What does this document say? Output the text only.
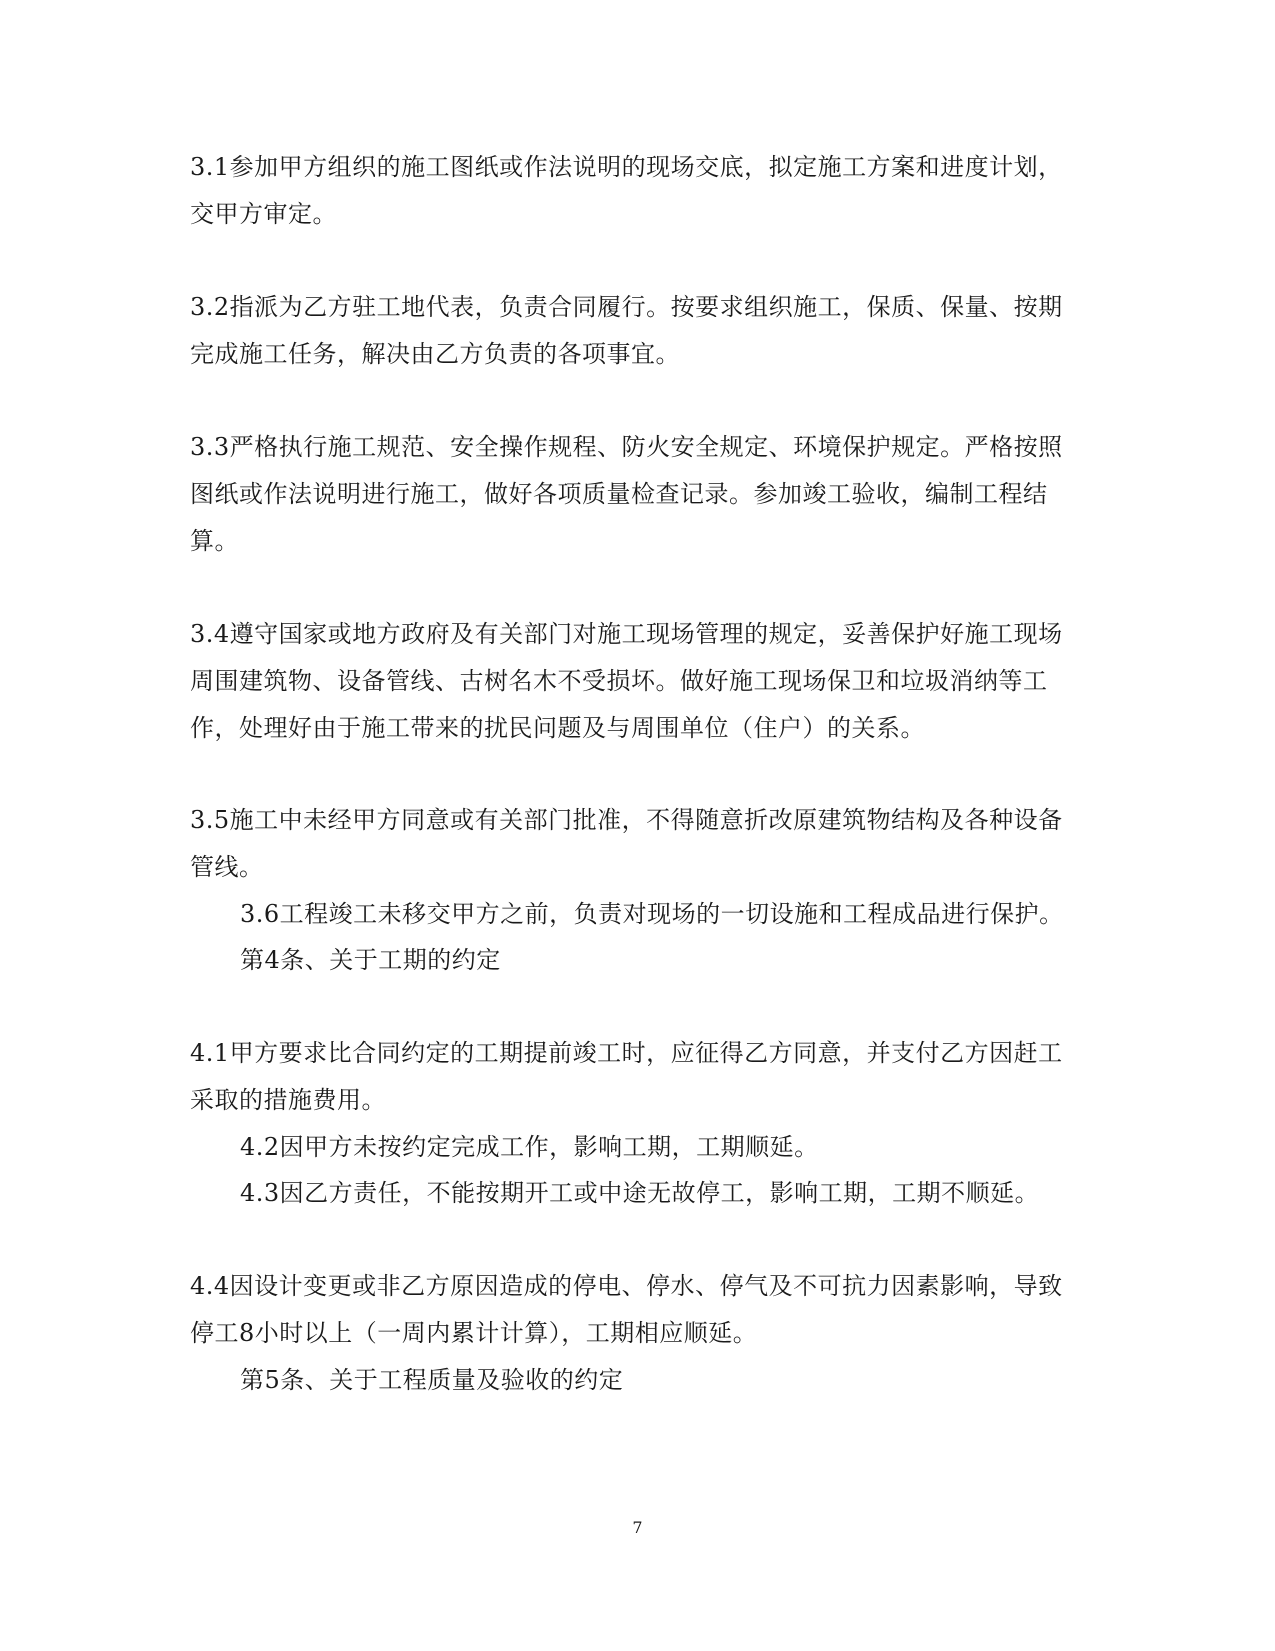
3.1参加甲方组织的施工图纸或作法说明的现场交底，拟定施工方案和进度计划，
交甲方审定。
3.2指派为乙方驻工地代表，负责合同履行。按要求组织施工，保质、保量、按期
完成施工任务，解决由乙方负责的各项事宜。
3.3严格执行施工规范、安全操作规程、防火安全规定、环境保护规定。严格按照
图纸或作法说明进行施工，做好各项质量检查记录。参加竣工验收，编制工程结
算。
3.4遵守国家或地方政府及有关部门对施工现场管理的规定，妥善保护好施工现场
周围建筑物、设备管线、古树名木不受损坏。做好施工现场保卫和垃圾消纳等工
作，处理好由于施工带来的扰民问题及与周围单位（住户）的关系。
3.5施工中未经甲方同意或有关部门批准，不得随意折改原建筑物结构及各种设备
管线。
3.6工程竣工未移交甲方之前，负责对现场的一切设施和工程成品进行保护。
第4条、关于工期的约定
4.1甲方要求比合同约定的工期提前竣工时，应征得乙方同意，并支付乙方因赶工
采取的措施费用。
4.2因甲方未按约定完成工作，影响工期，工期顺延。
4.3因乙方责任，不能按期开工或中途无故停工，影响工期，工期不顺延。
4.4因设计变更或非乙方原因造成的停电、停水、停气及不可抗力因素影响，导致
停工8小时以上（一周内累计计算），工期相应顺延。
第5条、关于工程质量及验收的约定
7
